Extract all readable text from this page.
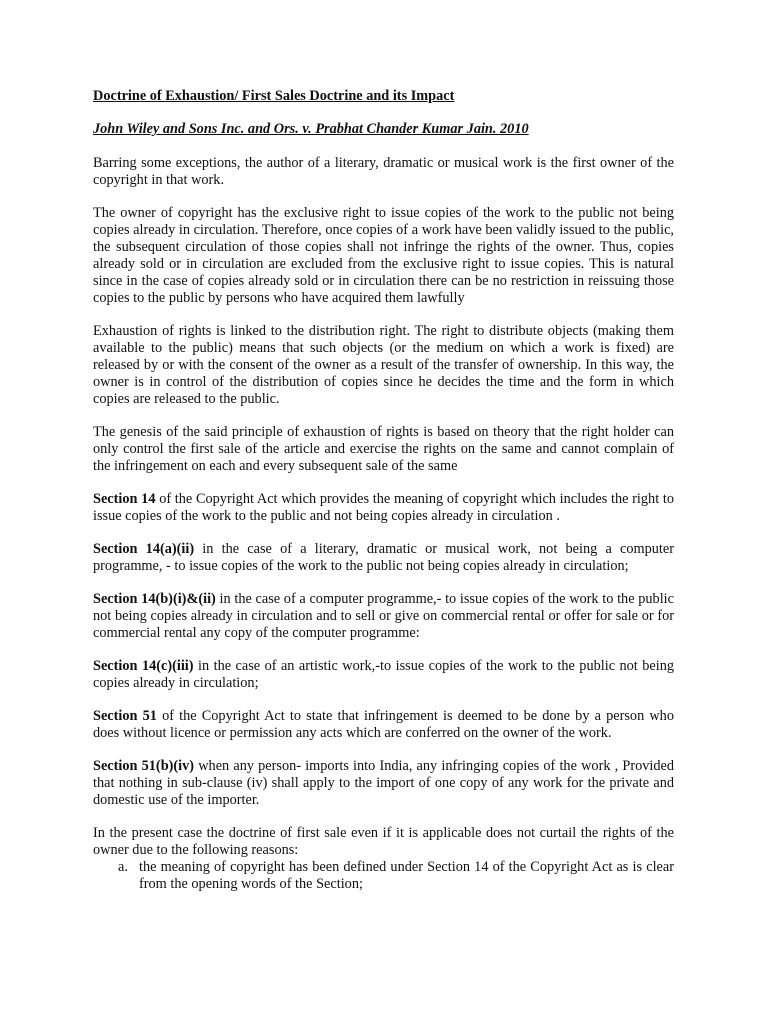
Doctrine of Exhaustion/ First Sales Doctrine and its Impact

John Wiley and Sons Inc. and Ors. v. Prabhat Chander Kumar Jain. 2010

Barring some exceptions, the author of a literary, dramatic or musical work is the first owner of the copyright in that work.

The owner of copyright has the exclusive right to issue copies of the work to the public not being copies already in circulation. Therefore, once copies of a work have been validly issued to the public, the subsequent circulation of those copies shall not infringe the rights of the owner. Thus, copies already sold or in circulation are excluded from the exclusive right to issue copies. This is natural since in the case of copies already sold or in circulation there can be no restriction in reissuing those copies to the public by persons who have acquired them lawfully

Exhaustion of rights is linked to the distribution right. The right to distribute objects (making them available to the public) means that such objects (or the medium on which a work is fixed) are released by or with the consent of the owner as a result of the transfer of ownership. In this way, the owner is in control of the distribution of copies since he decides the time and the form in which copies are released to the public.

The genesis of the said principle of exhaustion of rights is based on theory that the right holder can only control the first sale of the article and exercise the rights on the same and cannot complain of the infringement on each and every subsequent sale of the same

Section 14 of the Copyright Act which provides the meaning of copyright which includes the right to issue copies of the work to the public and not being copies already in circulation .

Section 14(a)(ii) in the case of a literary, dramatic or musical work, not being a computer programme, - to issue copies of the work to the public not being copies already in circulation;

Section 14(b)(i)&(ii) in the case of a computer programme,- to issue copies of the work to the public not being copies already in circulation and to sell or give on commercial rental or offer for sale or for commercial rental any copy of the computer programme:

Section 14(c)(iii) in the case of an artistic work,-to issue copies of the work to the public not being copies already in circulation;

Section 51 of the Copyright Act to state that infringement is deemed to be done by a person who does without licence or permission any acts which are conferred on the owner of the work.

Section 51(b)(iv) when any person- imports into India, any infringing copies of the work , Provided that nothing in sub-clause (iv) shall apply to the import of one copy of any work for the private and domestic use of the importer.

In the present case the doctrine of first sale even if it is applicable does not curtail the rights of the owner due to the following reasons:

a. the meaning of copyright has been defined under Section 14 of the Copyright Act as is clear from the opening words of the Section;
